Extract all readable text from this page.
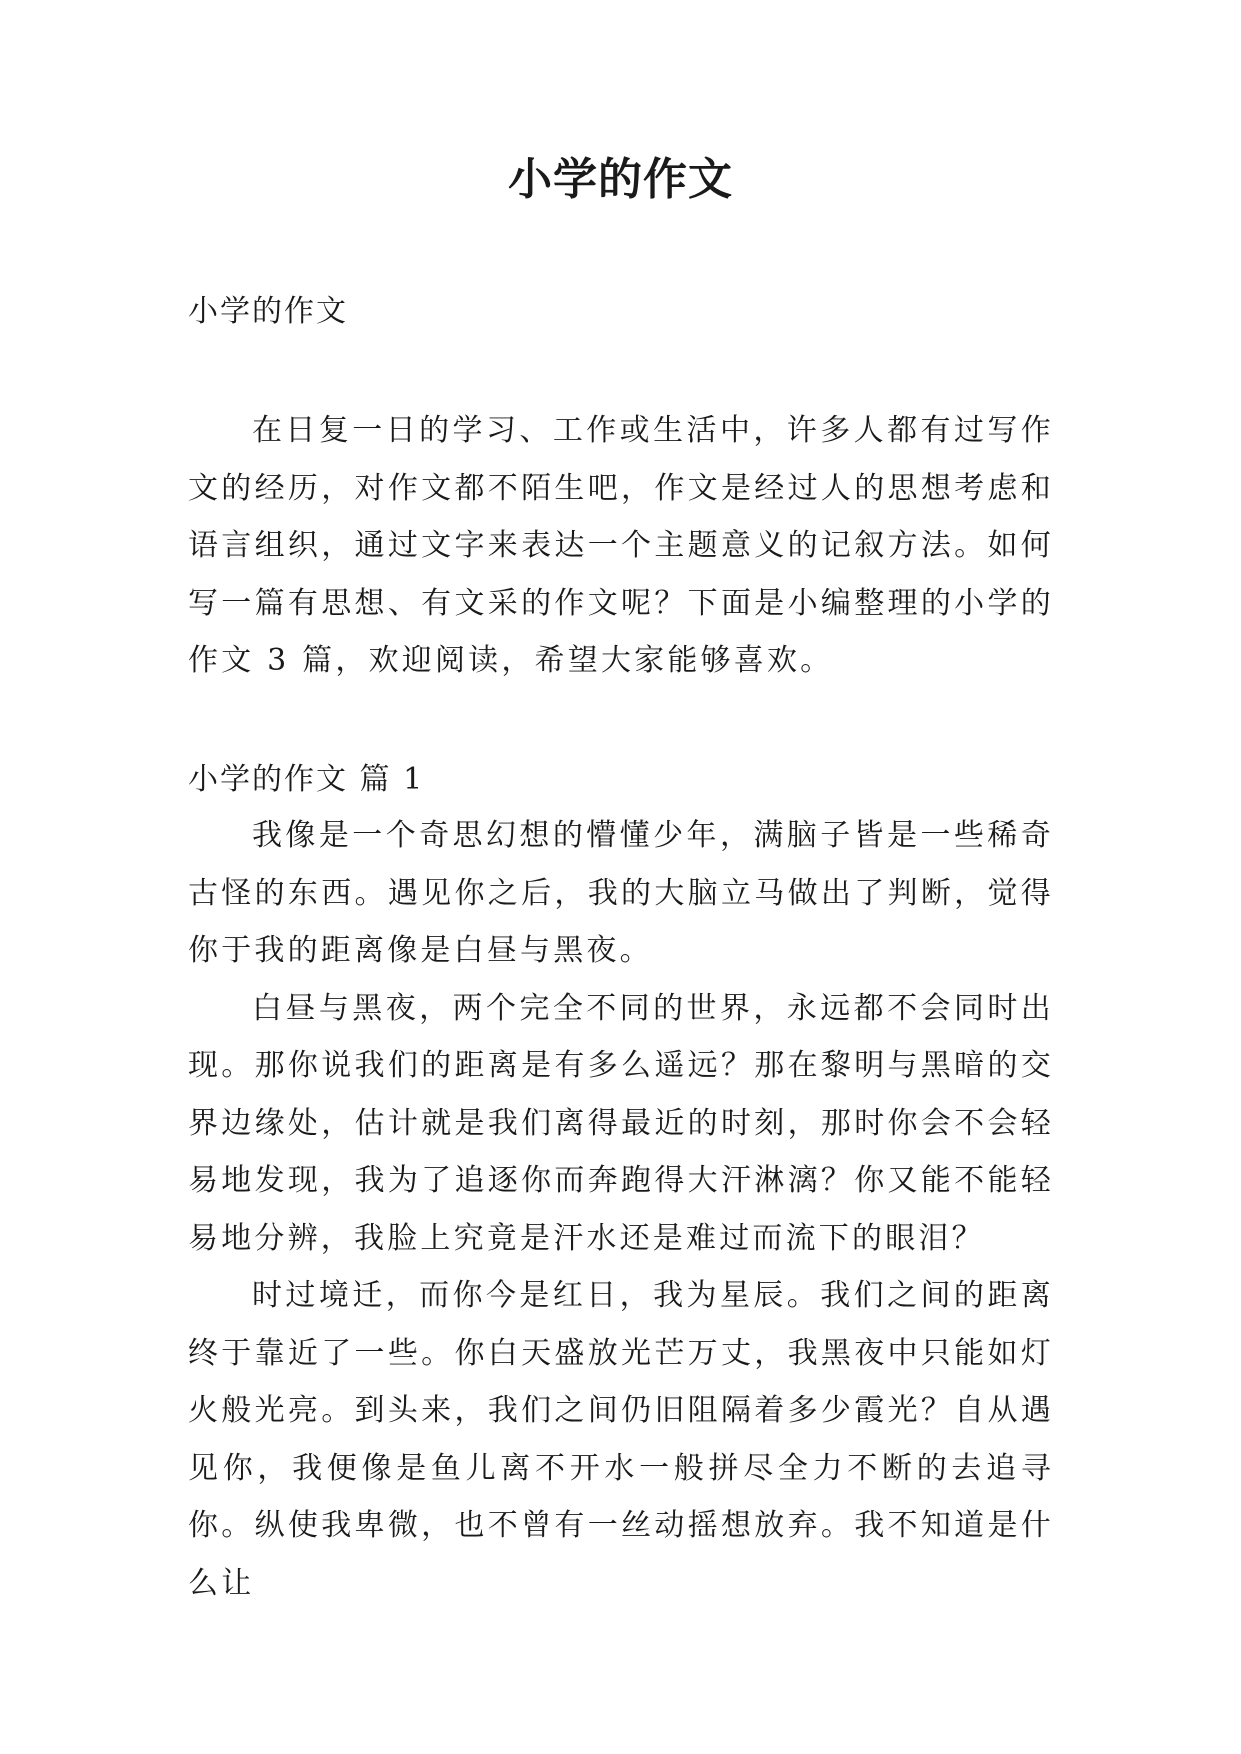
小学的作文
小学的作文

在日复一日的学习、工作或生活中，许多人都有过写作文的经历，对作文都不陌生吧，作文是经过人的思想考虑和语言组织，通过文字来表达一个主题意义的记叙方法。如何写一篇有思想、有文采的作文呢？下面是小编整理的小学的作文 3 篇，欢迎阅读，希望大家能够喜欢。

小学的作文 篇 1

我像是一个奇思幻想的懵懂少年，满脑子皆是一些稀奇古怪的东西。遇见你之后，我的大脑立马做出了判断，觉得你于我的距离像是白昼与黑夜。

白昼与黑夜，两个完全不同的世界，永远都不会同时出现。那你说我们的距离是有多么遥远？那在黎明与黑暗的交界边缘处，估计就是我们离得最近的时刻，那时你会不会轻易地发现，我为了追逐你而奔跑得大汗淋漓？你又能不能轻易地分辨，我脸上究竟是汗水还是难过而流下的眼泪？

时过境迁，而你今是红日，我为星辰。我们之间的距离终于靠近了一些。你白天盛放光芒万丈，我黑夜中只能如灯火般光亮。到头来，我们之间仍旧阻隔着多少霞光？自从遇见你，我便像是鱼儿离不开水一般拼尽全力不断的去追寻你。纵使我卑微，也不曾有一丝动摇想放弃。我不知道是什么让
